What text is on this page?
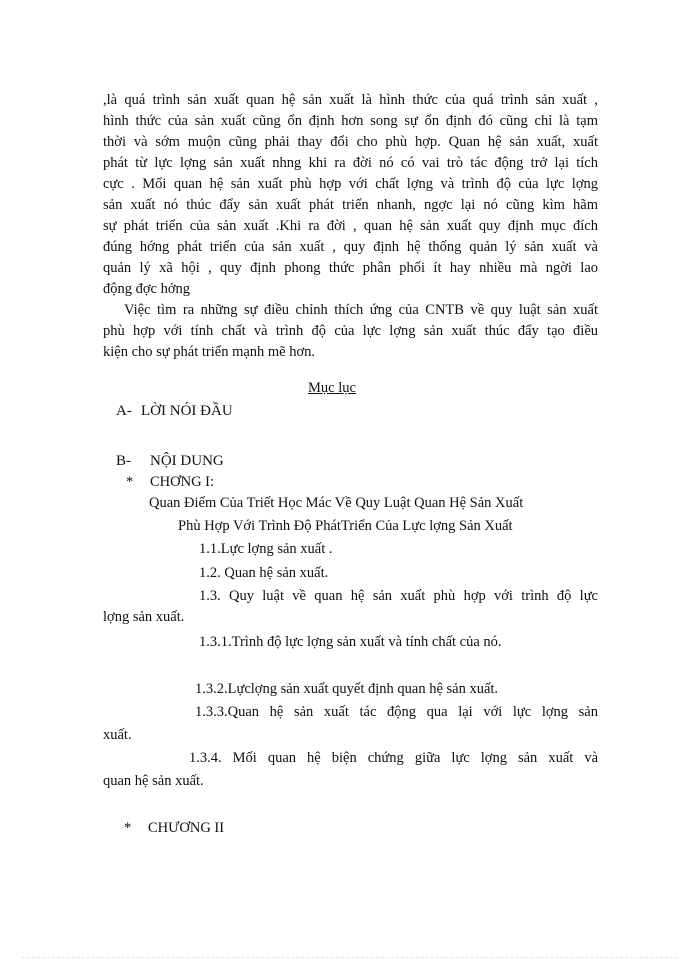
,là quá trình sản xuất quan hệ sản xuất là hình thức của quá trình sản xuất ,
hình thức của sản xuất cũng ổn định hơn song sự ổn định đó cũng chỉ là tạm
thời và sớm muộn cũng phải thay đổi cho phù hợp. Quan hệ sản xuất, xuất
phát từ lực lợng sản xuất nhng khi ra đời nó có vai trò tác động trở lại tích
cực . Mối quan hệ sản xuất phù hợp với chất lợng và trình độ của lực lợng
sản xuất nó thúc đẩy sản xuất phát triển nhanh, ngợc lại nó cũng kìm hãm
sự phát triển của sản xuất .Khi ra đời , quan hệ sản xuất quy định mục đích
đúng hớng phát triển của sản xuất , quy định hệ thống quản lý sản xuất và
quản lý xã hội , quy định phong thức phân phối ít hay nhiều mà ngời lao
động đợc hởng
Việc tìm ra những sự điều chỉnh thích ứng của CNTB về quy luật sản xuất
phù hợp với tính chất và trình độ của lực lợng sản xuất thúc đẩy tạo điều
kiện cho sự phát triển mạnh mẽ hơn.
Mục lục
A- LỜI NÓI ĐẦU
B- NỘI DUNG
* CHƠNG I:
Quan Điểm Của Triết Học Mác Về Quy Luật Quan Hệ Sản Xuất
Phù Hợp Với Trình Độ PhátTriển Của Lực lợng Sản Xuất
1.1.Lực lợng sản xuất .
1.2. Quan hệ sản xuất.
1.3. Quy luật về quan hệ sản xuất phù hợp với trình độ lực
lợng sản xuất.
1.3.1.Trình độ lực lợng sản xuất và tính chất của nó.
1.3.2.Lựclợng sản xuất quyết định quan hệ sản xuất.
1.3.3.Quan hệ sản xuất tác động qua lại với lực lợng sản
xuất.
1.3.4. Mối quan hệ biện chứng giữa lực lợng sản xuất và
quan hệ sản xuất.
* CHƯƠNG II
